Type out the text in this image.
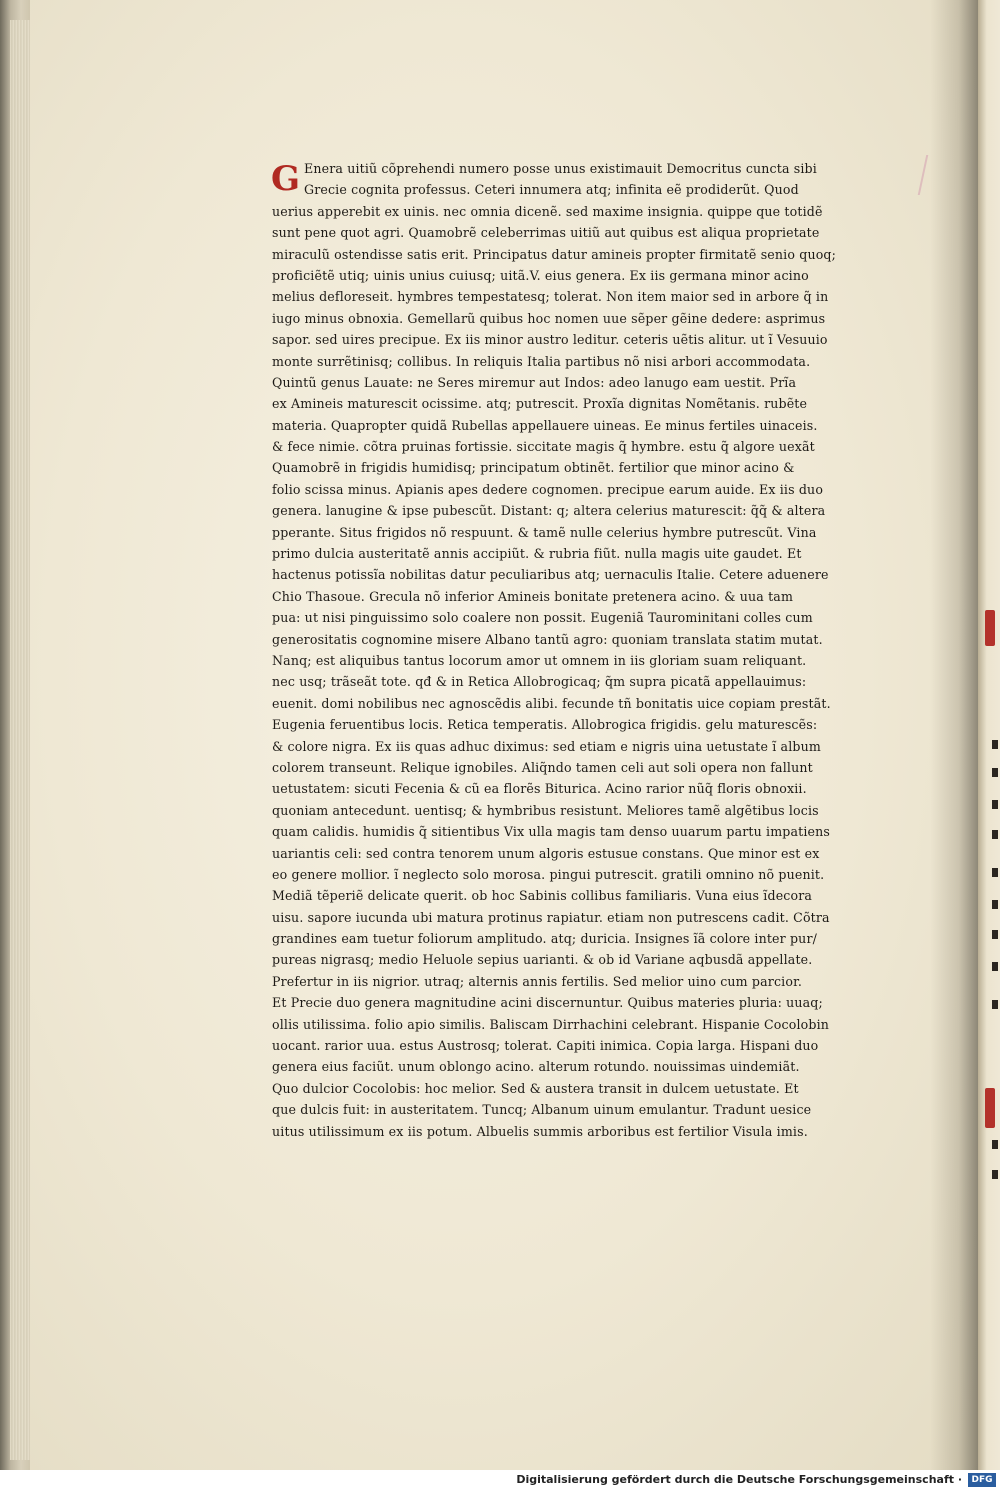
G Enera uitiũ cõprehendi numero posse unus existimauit Democritus cuncta sibi
Grecie cognita professus. Ceteri innumera atq; infinita eẽ prodiderũt. Quod
uerius apperebit ex uinis. nec omnia dicenẽ. sed maxime insignia. quippe que totidẽ
sunt pene quot agri. Quamobrẽ celeberrimas uitiũ aut quibus est aliqua proprietate
miraculũ ostendisse satis erit. Principatus datur amineis propter firmitatẽ senio quoq;
proficiẽtẽ utiq; uinis unius cuiusq; uitã.V. eius genera. Ex iis germana minor acino
melius defloreseit. hymbres tempestatesq; tolerat. Non item maior sed in arbore q̃ in
iugo minus obnoxia. Gemellarũ quibus hoc nomen uue sẽper gẽine dedere: asprimus
sapor. sed uires precipue. Ex iis minor austro leditur. ceteris uẽtis alitur. ut ĩ Vesuuio
monte surrẽtinisq; collibus. In reliquis Italia partibus nõ nisi arbori accommodata.
Quintũ genus Lauate: ne Seres miremur aut Indos: adeo lanugo eam uestit. Prĩa
ex Amineis maturescit ocissime. atq; putrescit. Proxĩa dignitas Nomẽtanis. rubẽte
materia. Quapropter quidã Rubellas appellauere uineas. Ee minus fertiles uinaceis.
& fece nimie. cõtra pruinas fortissie. siccitate magis q̃ hymbre. estu q̃ algore uexãt
Quamobrẽ in frigidis humidisq; principatum obtinẽt. fertilior que minor acino &
folio scissa minus. Apianis apes dedere cognomen. precipue earum auide. Ex iis duo
genera. lanugine & ipse pubescũt. Distant: q; altera celerius maturescit: q̃q̃ & altera
pperante. Situs frigidos nõ respuunt. & tamẽ nulle celerius hymbre putrescũt. Vina
primo dulcia austeritatẽ annis accipiũt. & rubria fiũt. nulla magis uite gaudet. Et
hactenus potissĩa nobilitas datur peculiaribus atq; uernaculis Italie. Cetere aduenere
Chio Thasoue. Grecula nõ inferior Amineis bonitate pretenera acino. & uua tam
pua: ut nisi pinguissimo solo coalere non possit. Eugeniã Taurominitani colles cum
generositatis cognomine misere Albano tantũ agro: quoniam translata statim mutat.
Nanq; est aliquibus tantus locorum amor ut omnem in iis gloriam suam reliquant.
nec usq; trãseãt tote. qđ & in Retica Allobrogicaq; q̃m supra picatã appellauimus:
euenit. domi nobilibus nec agnoscẽdis alibi. fecunde tñ bonitatis uice copiam prestãt.
Eugenia feruentibus locis. Retica temperatis. Allobrogica frigidis. gelu maturescẽs:
& colore nigra. Ex iis quas adhuc diximus: sed etiam e nigris uina uetustate ĩ album
colorem transeunt. Relique ignobiles. Aliq̃ndo tamen celi aut soli opera non fallunt
uetustatem: sicuti Fecenia & cũ ea florẽs Biturica. Acino rarior nũq̃ floris obnoxii.
quoniam antecedunt. uentisq; & hymbribus resistunt. Meliores tamẽ algẽtibus locis
quam calidis. humidis q̃ sitientibus Vix ulla magis tam denso uuarum partu impatiens
uariantis celi: sed contra tenorem unum algoris estusue constans. Que minor est ex
eo genere mollior. ĩ neglecto solo morosa. pingui putrescit. gratili omnino nõ puenit.
Mediã tẽperiẽ delicate querit. ob hoc Sabinis collibus familiaris. Vuna eius ĩdecora
uisu. sapore iucunda ubi matura protinus rapiatur. etiam non putrescens cadit. Cõtra
grandines eam tuetur foliorum amplitudo. atq; duricia. Insignes ĩã colore inter pur/
pureas nigrasq; medio Heluole sepius uarianti. & ob id Variane aqbusdã appellate.
Prefertur in iis nigrior. utraq; alternis annis fertilis. Sed melior uino cum parcior.
Et Precie duo genera magnitudine acini discernuntur. Quibus materies pluria: uuaq;
olli̇s utilissima. folio apio similis. Baliscam Dirrhachini celebrant. Hispanie Cocolobin
uocant. rarior uua. estus Austrosq; tolerat. Capiti inimica. Copia larga. Hispani duo
genera eius faciũt. unum oblongo acino. alterum rotundo. nouissimas uindemiãt.
Quo dulcior Cocolobis: hoc melior. Sed & austera transit in dulcem uetustate. Et
que dulcis fuit: in austeritatem. Tuncq; Albanum uinum emulantur. Tradunt uesice
uitus utilissimum ex iis potum. Albuelis summis arboribus est fertilior Visula imis.
Digitalisierung gefördert durch die Deutsche Forschungsgemeinschaft ·	DFG
